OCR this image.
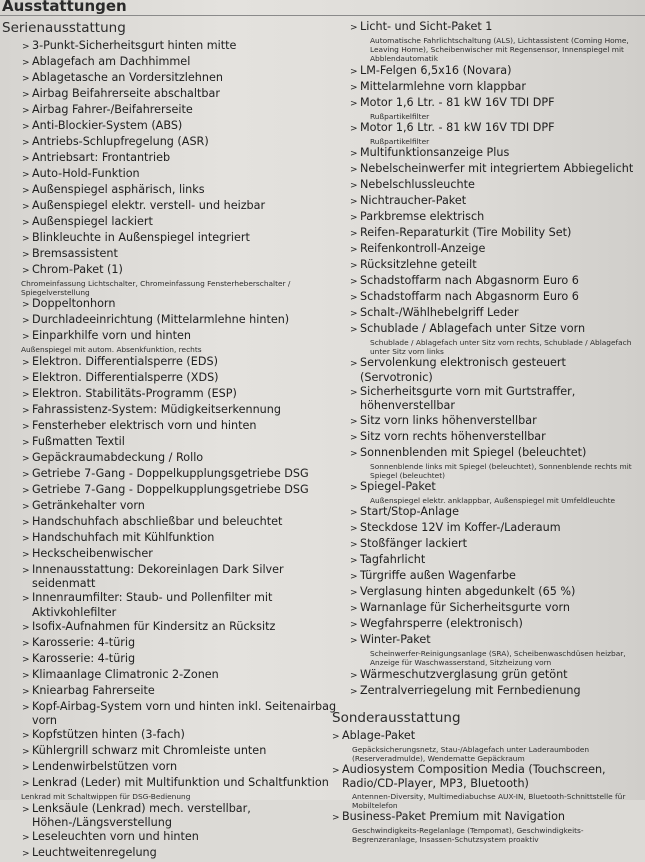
Ausstattungen
Serienausstattung
> 3-Punkt-Sicherheitsgurt hinten mitte
> Ablagefach am Dachhimmel
> Ablagetasche an Vordersitzlehnen
> Airbag Beifahrerseite abschaltbar
> Airbag Fahrer-/Beifahrerseite
> Anti-Blockier-System (ABS)
> Antriebs-Schlupfregelung (ASR)
> Antriebsart: Frontantrieb
> Auto-Hold-Funktion
> Außenspiegel asphärisch, links
> Außenspiegel elektr. verstell- und heizbar
> Außenspiegel lackiert
> Blinkleuchte in Außenspiegel integriert
> Bremsassistent
> Chrom-Paket (1)
Chromeinfassung Lichtschalter, Chromeinfassung Fensterheberschalter / Spiegelverstellung
> Doppeltonhorn
> Durchladeeinrichtung (Mittelarmlehne hinten)
> Einparkhilfe vorn und hinten
Außenspiegel mit autom. Absenkfunktion, rechts
> Elektron. Differentialsperre (EDS)
> Elektron. Differentialsperre (XDS)
> Elektron. Stabilitäts-Programm (ESP)
> Fahrassistenz-System: Müdigkeitserkennung
> Fensterheber elektrisch vorn und hinten
> Fußmatten Textil
> Gepäckraumabdeckung / Rollo
> Getriebe 7-Gang - Doppelkupplungsgetriebe DSG
> Getriebe 7-Gang - Doppelkupplungsgetriebe DSG
> Getränkehalter vorn
> Handschuhfach abschließbar und beleuchtet
> Handschuhfach mit Kühlfunktion
> Heckscheibenwischer
> Innenausstattung: Dekoreinlagen Dark Silver seidenmatt
> Innenraumfilter: Staub- und Pollenfilter mit Aktivkohlefilter
> Isofix-Aufnahmen für Kindersitz an Rücksitz
> Karosserie: 4-türig
> Karosserie: 4-türig
> Klimaanlage Climatronic 2-Zonen
> Kniearbag Fahrerseite
> Kopf-Airbag-System vorn und hinten inkl. Seitenairbag vorn
> Kopfstützen hinten (3-fach)
> Kühlergrill schwarz mit Chromleiste unten
> Lendenwirbelstützen vorn
> Lenkrad (Leder) mit Multifunktion und Schaltfunktion
Lenkrad mit Schaltwippen für DSG-Bedienung
> Lenksäule (Lenkrad) mech. verstellbar, Höhen-/Längsverstellung
> Leseleuchten vorn und hinten
> Leuchtweitenregelung
> Licht- und Sicht-Paket 1
Automatische Fahrlichtschaltung (ALS), Lichtassistent (Coming Home, Leaving Home), Scheibenwischer mit Regensensor, Innenspiegel mit Abblendautomatik
> LM-Felgen 6,5x16 (Novara)
> Mittelarmlehne vorn klappbar
> Motor 1,6 Ltr. - 81 kW 16V TDI DPF
Rußpartikelfilter
> Motor 1,6 Ltr. - 81 kW 16V TDI DPF
Rußpartikelfilter
> Multifunktionsanzeige Plus
> Nebelscheinwerfer mit integriertem Abbiegelicht
> Nebelschlussleuchte
> Nichtraucher-Paket
> Parkbremse elektrisch
> Reifen-Reparaturkit (Tire Mobility Set)
> Reifenkontroll-Anzeige
> Rücksitzlehne geteilt
> Schadstoffarm nach Abgasnorm Euro 6
> Schadstoffarm nach Abgasnorm Euro 6
> Schalt-/Wählhebelgriff Leder
> Schublade / Ablagefach unter Sitze vorn
Schublade / Ablagefach unter Sitz vorn rechts, Schublade / Ablagefach unter Sitz vorn links
> Servolenkung elektronisch gesteuert (Servotronic)
> Sicherheitsgurte vorn mit Gurtstraffer, höhenverstellbar
> Sitz vorn links höhenverstellbar
> Sitz vorn rechts höhenverstellbar
> Sonnenblenden mit Spiegel (beleuchtet)
Sonnenblende links mit Spiegel (beleuchtet), Sonnenblende rechts mit Spiegel (beleuchtet)
> Spiegel-Paket
Außenspiegel elektr. anklappbar, Außenspiegel mit Umfeldleuchte
> Start/Stop-Anlage
> Steckdose 12V im Koffer-/Laderaum
> Stoßfänger lackiert
> Tagfahrlicht
> Türgriffe außen Wagenfarbe
> Verglasung hinten abgedunkelt (65 %)
> Warnanlage für Sicherheitsgurte vorn
> Wegfahrsperre (elektronisch)
> Winter-Paket
Scheinwerfer-Reinigungsanlage (SRA), Scheibenwaschdüsen heizbar, Anzeige für Waschwasserstand, Sitzheizung vorn
> Wärmeschutzverglasung grün getönt
> Zentralverriegelung mit Fernbedienung
Sonderausstattung
> Ablage-Paket
Gepäcksicherungsnetz, Stau-/Ablagefach unter Laderaumboden (Reserveradmulde), Wendematte Gepäckraum
> Audiosystem Composition Media (Touchscreen, Radio/CD-Player, MP3, Bluetooth)
Antennen-Diversity, Multimediabuchse AUX-IN, Bluetooth-Schnittstelle für Mobiltelefon
> Business-Paket Premium mit Navigation
Geschwindigkeits-Regelanlage (Tempomat), Geschwindigkeits-Begrenzeranlage, Insassen-Schutzsystem proaktiv
